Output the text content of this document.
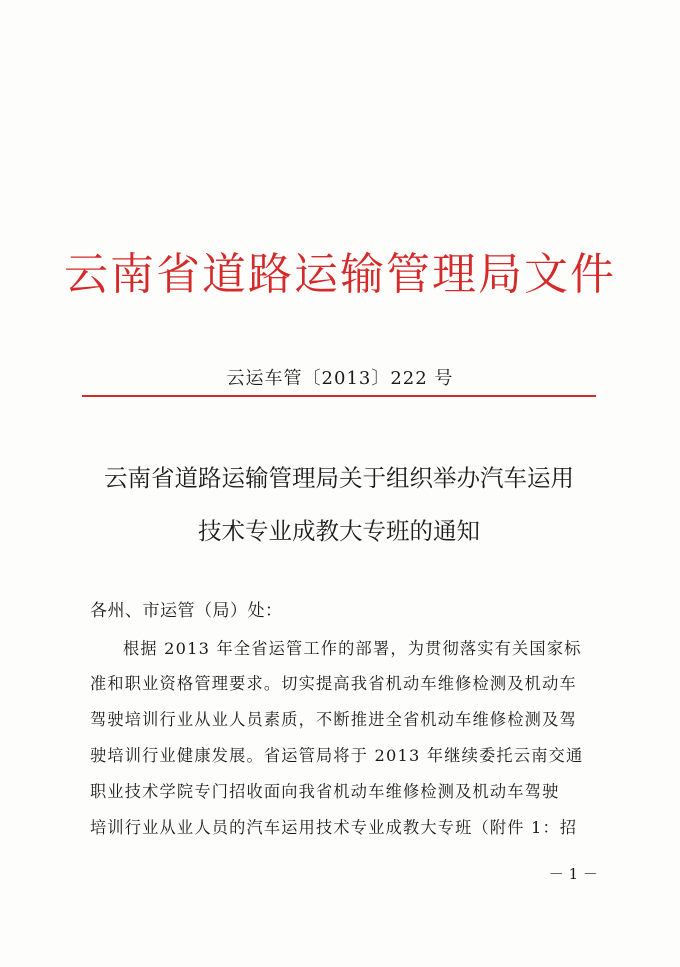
云南省道路运输管理局文件
云运车管〔2013〕222 号
云南省道路运输管理局关于组织举办汽车运用
技术专业成教大专班的通知
各州、市运管（局）处：
根据 2013 年全省运管工作的部署，为贯彻落实有关国家标
准和职业资格管理要求。切实提高我省机动车维修检测及机动车
驾驶培训行业从业人员素质，不断推进全省机动车维修检测及驾
驶培训行业健康发展。省运管局将于 2013 年继续委托云南交通
职业技术学院专门招收面向我省机动车维修检测及机动车驾驶
培训行业从业人员的汽车运用技术专业成教大专班（附件 1：招
－ 1 －
